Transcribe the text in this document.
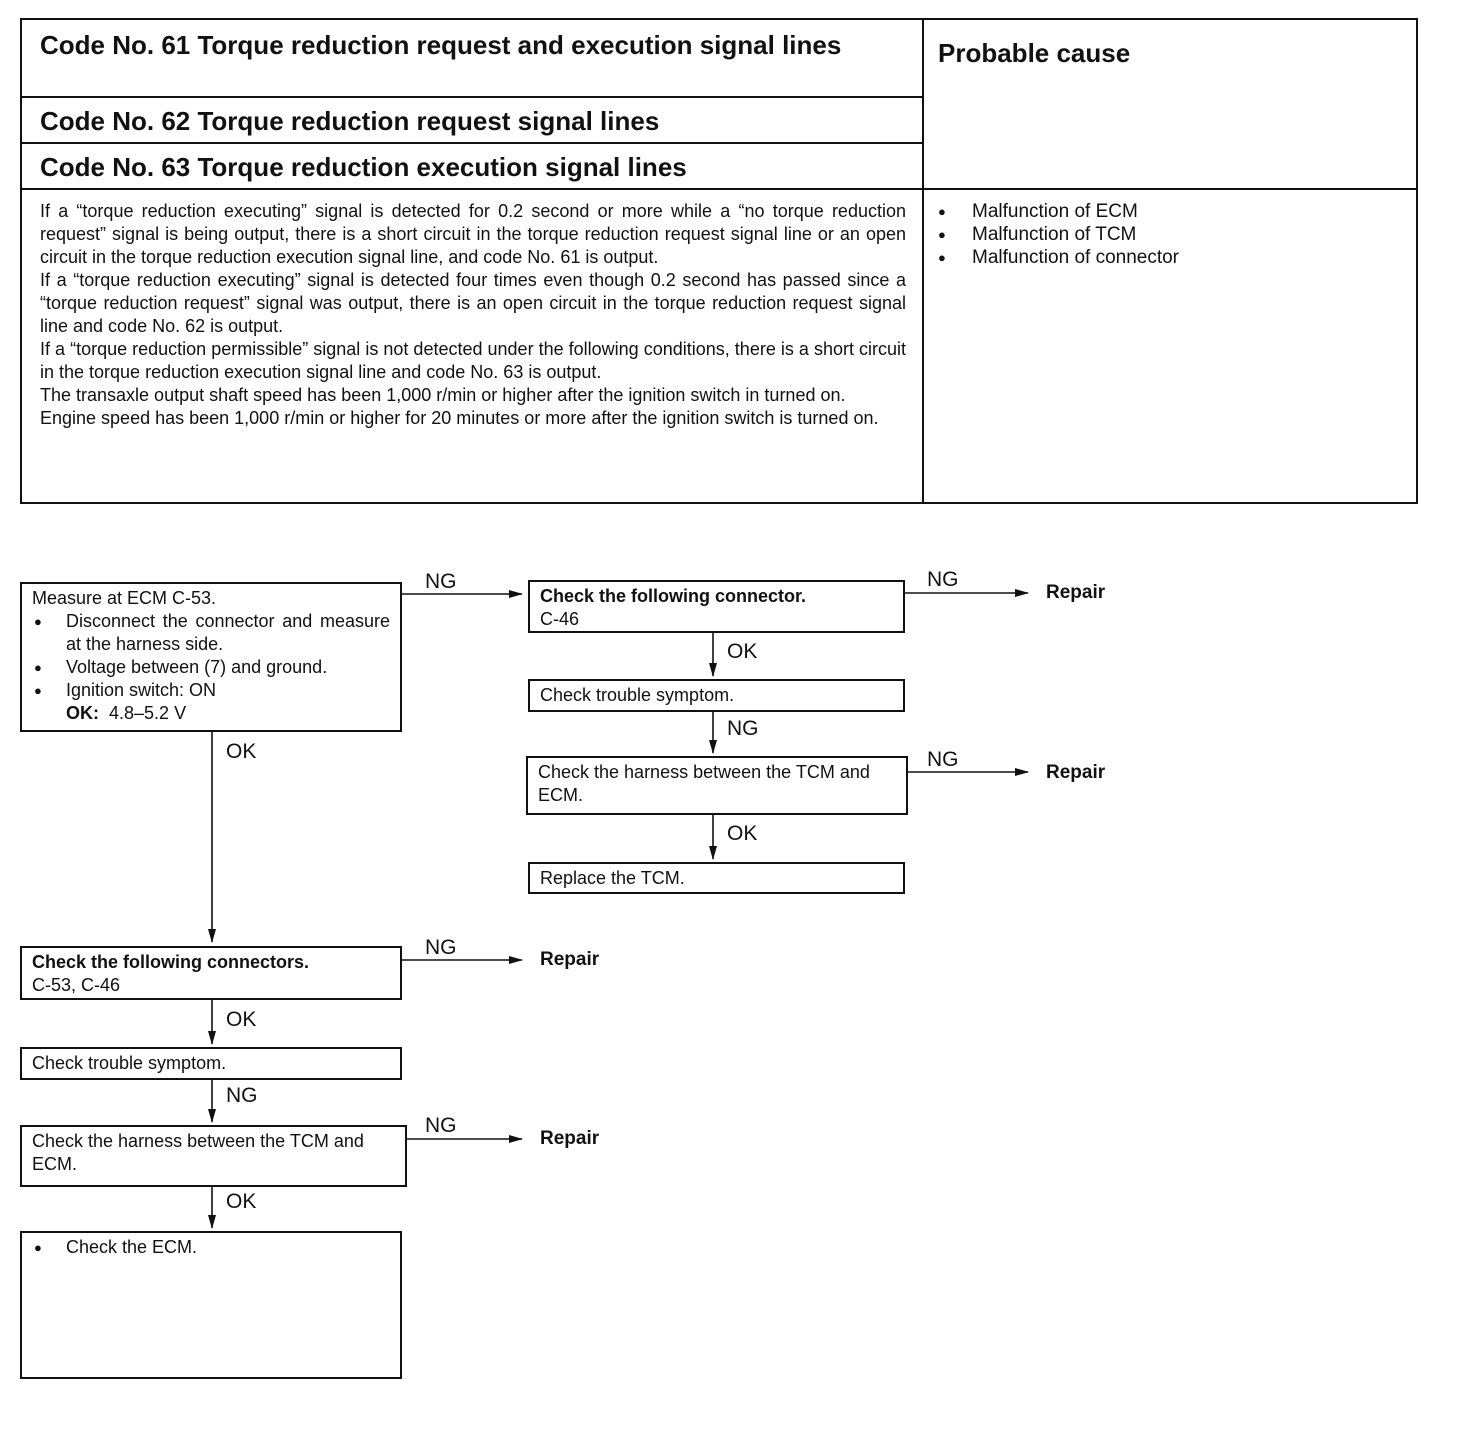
Code No. 61 Torque reduction request and execution signal lines
Code No. 62 Torque reduction request signal lines
Code No. 63 Torque reduction execution signal lines
Probable cause

If a “torque reduction executing” signal is detected for 0.2 second or more while a “no torque reduction request” signal is being output, there is a short circuit in the torque reduction request signal line or an open circuit in the torque reduction execution signal line, and code No. 61 is output.

If a “torque reduction executing” signal is detected four times even though 0.2 second has passed since a “torque reduction request” signal was output, there is an open circuit in the torque reduction request signal line and code No. 62 is output.

If a “torque reduction permissible” signal is not detected under the following conditions, there is a short circuit in the torque reduction execution signal line and code No. 63 is output.

The transaxle output shaft speed has been 1,000 r/min or higher after the ignition switch in turned on.

Engine speed has been 1,000 r/min or higher for 20 minutes or more after the ignition switch is turned on.

● Malfunction of ECM
● Malfunction of TCM
● Malfunction of connector
Measure at ECM C-53.
● Disconnect the connector and measure at the harness side.
● Voltage between (7) and ground.
● Ignition switch: ON
OK: 4.8–5.2 V
Check the following connector.
C-46
Check trouble symptom.
Check the harness between the TCM and ECM.
Replace the TCM.
Check the following connectors.
C-53, C-46
Check trouble symptom.
Check the harness between the TCM and ECM.
● Check the ECM.
NG	NG
OK
NG
NG
OK
OK
NG
OK
NG
NG
OK
Repair
Repair
Repair
Repair
